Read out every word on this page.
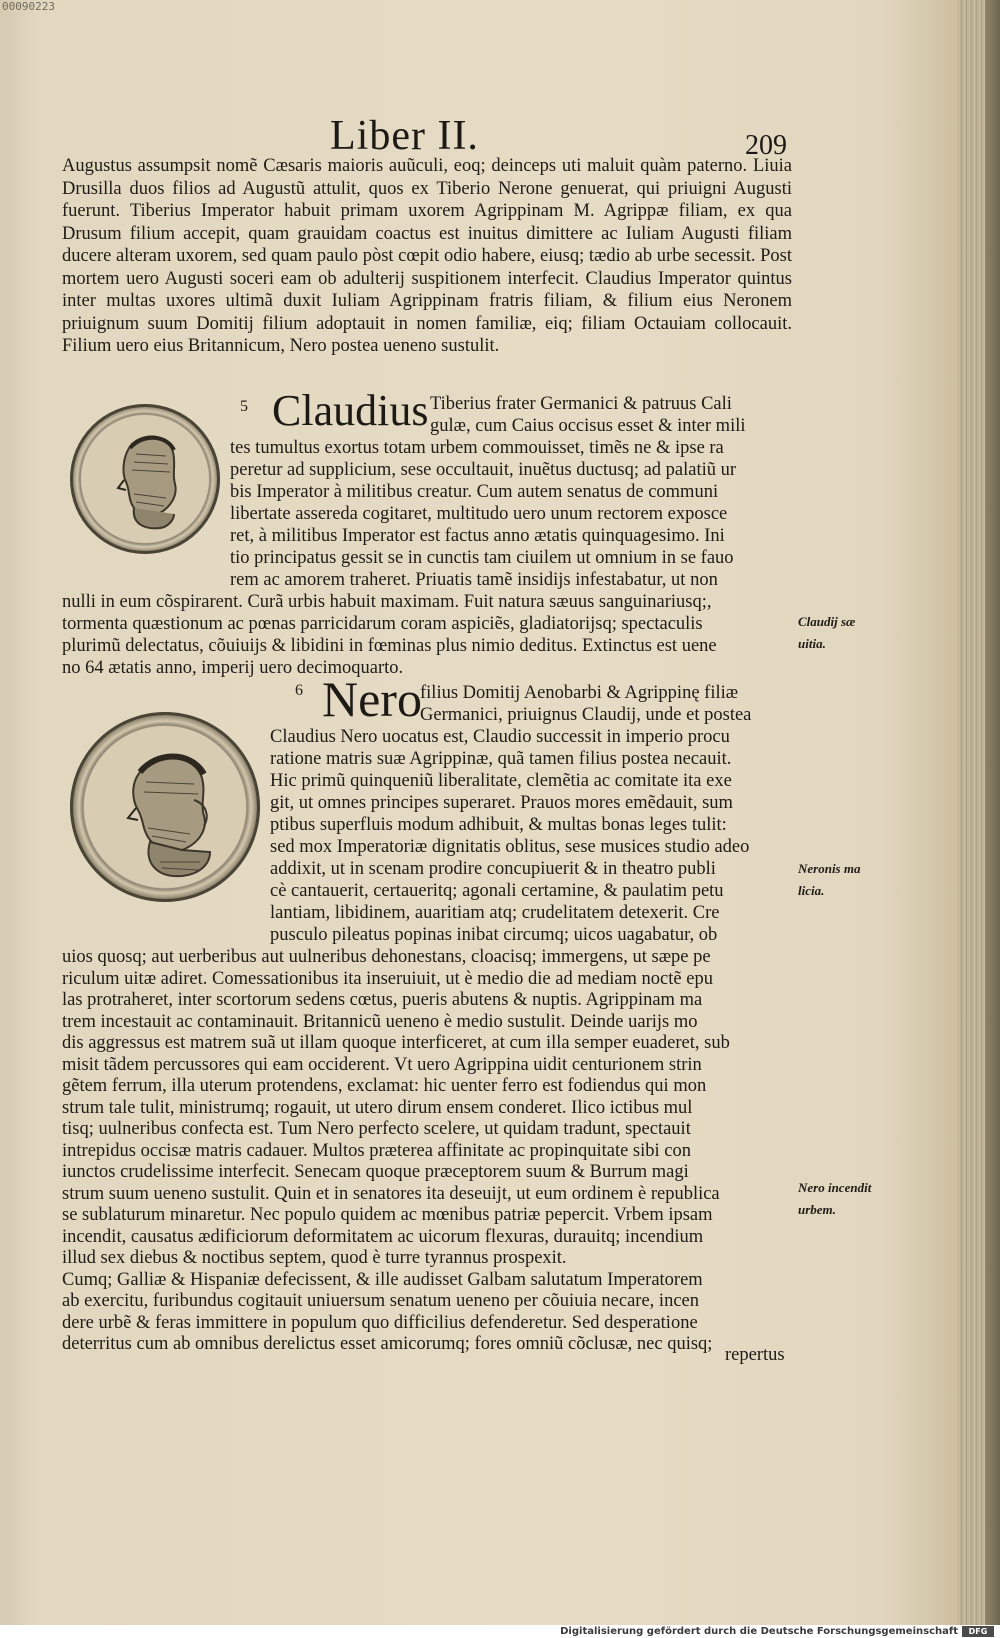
00090223
Liber II.	209
Augustus assumpsit nomẽ Cæsaris maioris auũculi, eoq; deinceps uti maluit quàm paterno. Liuia Drusilla duos filios ad Augustũ attulit, quos ex Tiberio Nerone genuerat, qui priuigni Augusti fuerunt. Tiberius Imperator habuit primam uxorem Agrippinam M. Agrippæ filiam, ex qua Drusum filium accepit, quam grauidam coactus est inuitus dimittere ac Iuliam Augusti filiam ducere alteram uxorem, sed quam paulo pòst cœpit odio habere, eiusq; tædio ab urbe secessit. Post mortem uero Augusti soceri eam ob adulterij suspitionem interfecit. Claudius Imperator quintus inter multas uxores ultimã duxit Iuliam Agrippinam fratris filiam, & filium eius Neronem priuignum suum Domitij filium adoptauit in nomen familiæ, eiq; filiam Octauiam collocauit. Filium uero eius Britannicum, Nero postea ueneno sustulit.
5 Claudius Tiberius frater Germanici & patruus Cali
gulæ, cum Caius occisus esset & inter mili
tes tumultus exortus totam urbem commouisset, timẽs ne & ipse ra
peretur ad supplicium, sese occultauit, inuẽtus ductusq; ad palatiũ ur
bis Imperator à militibus creatur. Cum autem senatus de communi
libertate assereda cogitaret, multitudo uero unum rectorem exposce
ret, à militibus Imperator est factus anno ætatis quinquagesimo. Ini
tio principatus gessit se in cunctis tam ciuilem ut omnium in se fauo
rem ac amorem traheret. Priuatis tamẽ insidijs infestabatur, ut non
nulli in eum cõspirarent. Curã urbis habuit maximam. Fuit natura sæuus sanguinariusq;,
tormenta quæstionum ac pœnas parricidarum coram aspiciẽs, gladiatorijsq; spectaculis
plurimũ delectatus, cõuiuijs & libidini in fœminas plus nimio deditus. Extinctus est uene
no 64 ætatis anno, imperij uero decimoquarto.
Claudij sæ
uitia.
6 Nero
filius Domitij Aenobarbi & Agrippinę filiæ
Germanici, priuignus Claudij, unde et postea
Claudius Nero uocatus est, Claudio successit in imperio procu
ratione matris suæ Agrippinæ, quã tamen filius postea necauit.
Hic primũ quinqueniũ liberalitate, clemẽtia ac comitate ita exe
git, ut omnes principes superaret. Prauos mores emẽdauit, sum
ptibus superfluis modum adhibuit, & multas bonas leges tulit:
sed mox Imperatoriæ dignitatis oblitus, sese musices studio adeo
addixit, ut in scenam prodire concupiuerit & in theatro publi
cè cantauerit, certaueritq; agonali certamine, & paulatim petu
lantiam, libidinem, auaritiam atq; crudelitatem detexerit. Cre
pusculo pileatus popinas inibat circumq; uicos uagabatur, ob
Neronis ma
licia.
Nero incendit
urbem.
uios quosq; aut uerberibus aut uulneribus dehonestans, cloacisq; immergens, ut sæpe pe
riculum uitæ adiret. Comessationibus ita inseruiuit, ut è medio die ad mediam noctẽ epu
las protraheret, inter scortorum sedens cœtus, pueris abutens & nuptis. Agrippinam ma
trem incestauit ac contaminauit. Britannicũ ueneno è medio sustulit. Deinde uarijs mo
dis aggressus est matrem suã ut illam quoque interficeret, at cum illa semper euaderet, sub
misit tãdem percussores qui eam occiderent. Vt uero Agrippina uidit centurionem strin
gẽtem ferrum, illa uterum protendens, exclamat: hic uenter ferro est fodiendus qui mon
strum tale tulit, ministrumq; rogauit, ut utero dirum ensem conderet. Ilico ictibus mul
tisq; uulneribus confecta est. Tum Nero perfecto scelere, ut quidam tradunt, spectauit
intrepidus occisæ matris cadauer. Multos præterea affinitate ac propinquitate sibi con
iunctos crudelissime interfecit. Senecam quoque præceptorem suum & Burrum magi
strum suum ueneno sustulit. Quin et in senatores ita deseuijt, ut eum ordinem è republica
se sublaturum minaretur. Nec populo quidem ac mœnibus patriæ pepercit. Vrbem ipsam
incendit, causatus ædificiorum deformitatem ac uicorum flexuras, durauitq; incendium
illud sex diebus & noctibus septem, quod è turre tyrannus prospexit.
Cumq; Galliæ & Hispaniæ defecissent, & ille audisset Galbam salutatum Imperatorem
ab exercitu, furibundus cogitauit uniuersum senatum ueneno per cõuiuia necare, incen
dere urbẽ & feras immittere in populum quo difficilius defenderetur. Sed desperatione
deterritus cum ab omnibus derelictus esset amicorumq; fores omniũ cõclusæ, nec quisq;
repertus
Digitalisierung gefördert durch die Deutsche Forschungsgemeinschaft	DFG
